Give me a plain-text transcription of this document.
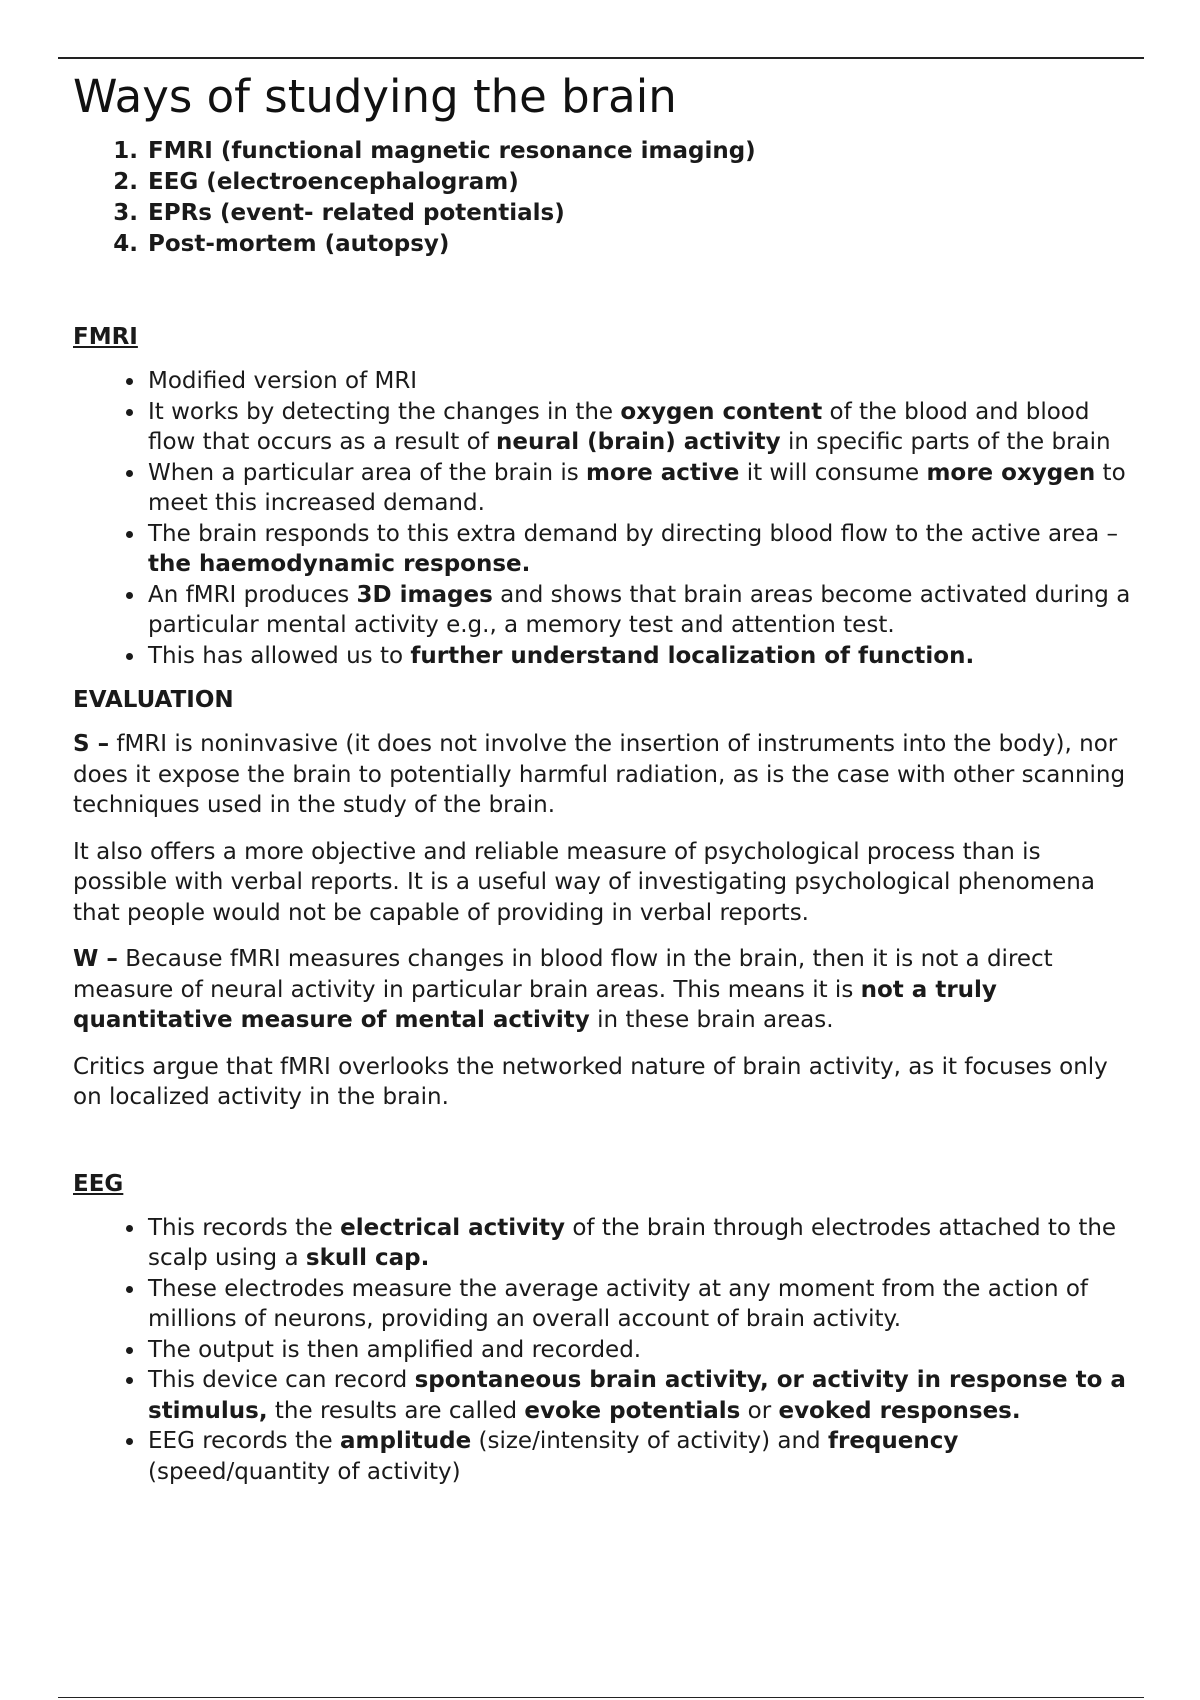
Ways of studying the brain
1. FMRI (functional magnetic resonance imaging)
2. EEG (electroencephalogram)
3. EPRs (event- related potentials)
4. Post-mortem (autopsy)
FMRI
• Modified version of MRI
• It works by detecting the changes in the oxygen content of the blood and blood flow that occurs as a result of neural (brain) activity in specific parts of the brain
• When a particular area of the brain is more active it will consume more oxygen to meet this increased demand.
• The brain responds to this extra demand by directing blood flow to the active area – the haemodynamic response.
• An fMRI produces 3D images and shows that brain areas become activated during a particular mental activity e.g., a memory test and attention test.
• This has allowed us to further understand localization of function.
EVALUATION

S – fMRI is noninvasive (it does not involve the insertion of instruments into the body), nor does it expose the brain to potentially harmful radiation, as is the case with other scanning techniques used in the study of the brain.

It also offers a more objective and reliable measure of psychological process than is possible with verbal reports. It is a useful way of investigating psychological phenomena that people would not be capable of providing in verbal reports.

W – Because fMRI measures changes in blood flow in the brain, then it is not a direct measure of neural activity in particular brain areas. This means it is not a truly quantitative measure of mental activity in these brain areas.

Critics argue that fMRI overlooks the networked nature of brain activity, as it focuses only on localized activity in the brain.

EEG
• This records the electrical activity of the brain through electrodes attached to the scalp using a skull cap.
• These electrodes measure the average activity at any moment from the action of millions of neurons, providing an overall account of brain activity.
• The output is then amplified and recorded.
• This device can record spontaneous brain activity, or activity in response to a stimulus, the results are called evoke potentials or evoked responses.
• EEG records the amplitude (size/intensity of activity) and frequency (speed/quantity of activity)
